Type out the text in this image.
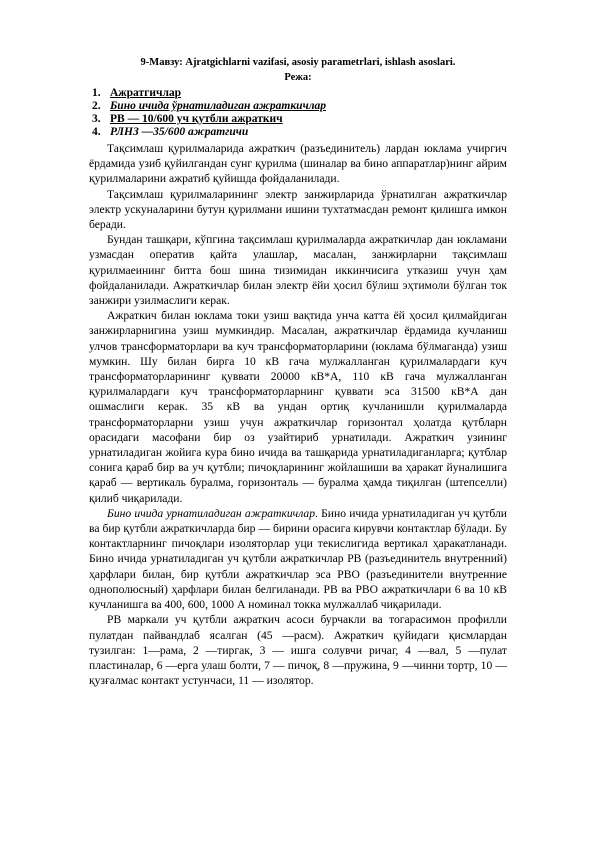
9-Мавзу: Ajratgichlarni vazifasi, asosiy parametrlari, ishlash asoslari.
Режа:
1. Ажратгичлар
2. Бино ичида ўрнатиладиган ажраткичлар
3. РВ — 10/600 уч қутбли ажраткич
4. РЛНЗ —35/600 ажратгичи

Тақсимлаш қурилмаларида ажраткич (разъединитель) лардан юклама учиргич ёрдамида узиб қуйилгандан сунг қурилма (шиналар ва бино аппаратлар)нинг айрим қурилмаларини ажратиб қуйишда фойдаланилади.

Тақсимлаш қурилмаларининг электр занжирларида ўрнатилган ажраткичлар электр ускуналарини бутун қурилмани ишини тухтатмасдан ремонт қилишга имкон беради.

Бундан ташқари, кўпгина тақсимлаш қурилмаларда ажраткичлар дан юкламани узмасдан оператив қайта улашлар, масалан, занжирларни тақсимлаш қурилмаеининг битта бош шина тизимидан иккинчисига утказиш учун ҳам фойдаланилади. Ажраткичлар билан электр ёйи ҳосил бўлиш эҳтимоли бўлган ток занжири узилмаслиги керак.

Ажраткич билан юклама токи узиш вақтида унча катта ёй ҳосил қилмайдиган занжирларнигина узиш мумкиндир. Масалан, ажраткичлар ёрдамида кучланиш улчов трансформаторлари ва куч трансформаторларини (юклама бўлмаганда) узиш мумкин. Шу билан бирга 10 кВ гача мулжалланган қурилмалардаги куч трансформаторларининг қуввати 20000 кВ*А, 110 кВ гача мулжалланган қурилмалардаги куч трансформаторларнинг қуввати эса 31500 кВ*А дан ошмаслиги керак. 35 кВ ва ундан ортиқ кучланишли қурилмаларда трансформаторларни узиш учун ажраткичлар горизонтал ҳолатда қутбларн орасидаги масофани бир оз узайтириб урнатилади. Ажраткич узининг урнатиладиган жойига кура бино ичида ва ташқарида урнатиладиганларга; қутблар сонига қараб бир ва уч қутбли; пичоқларининг жойлашиши ва ҳаракат йуналишига қараб — вертикаль буралма, горизонталь — буралма ҳамда тиқилган (штепселли) қилиб чиқарилади.

Бино ичида урнатиладиган ажраткичлар. Бино ичида урнатиладиган уч қутбли ва бир қутбли ажраткичларда бир — бирини орасига кирувчи контактлар бўлади. Бу контактларнинг пичоқлари изоляторлар уци текислигида вертикал ҳаракатланади. Бино ичида урнатиладиган уч қутбли ажраткичлар РВ (разъединитель внутренний) ҳарфлари билан, бир қутбли ажраткичлар эса РВО (разъединители внутренние однополюсный) ҳарфлари билан белгиланади. РВ ва РВО ажраткичлари 6 ва 10 кВ кучланишга ва 400, 600, 1000 А номинал токка мулжаллаб чиқарилади.

РВ маркали уч қутбли ажраткич асоси бурчакли ва тогарасимон профилли пулатдан пайвандлаб ясалган (45 —расм). Ажраткич қуйидаги қисмлардан тузилган: 1—рама, 2 —тиргак, 3 — ишга солувчи ричаг, 4 —вал, 5 —пулат пластиналар, 6 —ерга улаш болти, 7 — пичоқ, 8 —пружина, 9 —чинни тортр, 10 — қузғалмас контакт устунчаси, 11 — изолятор.
